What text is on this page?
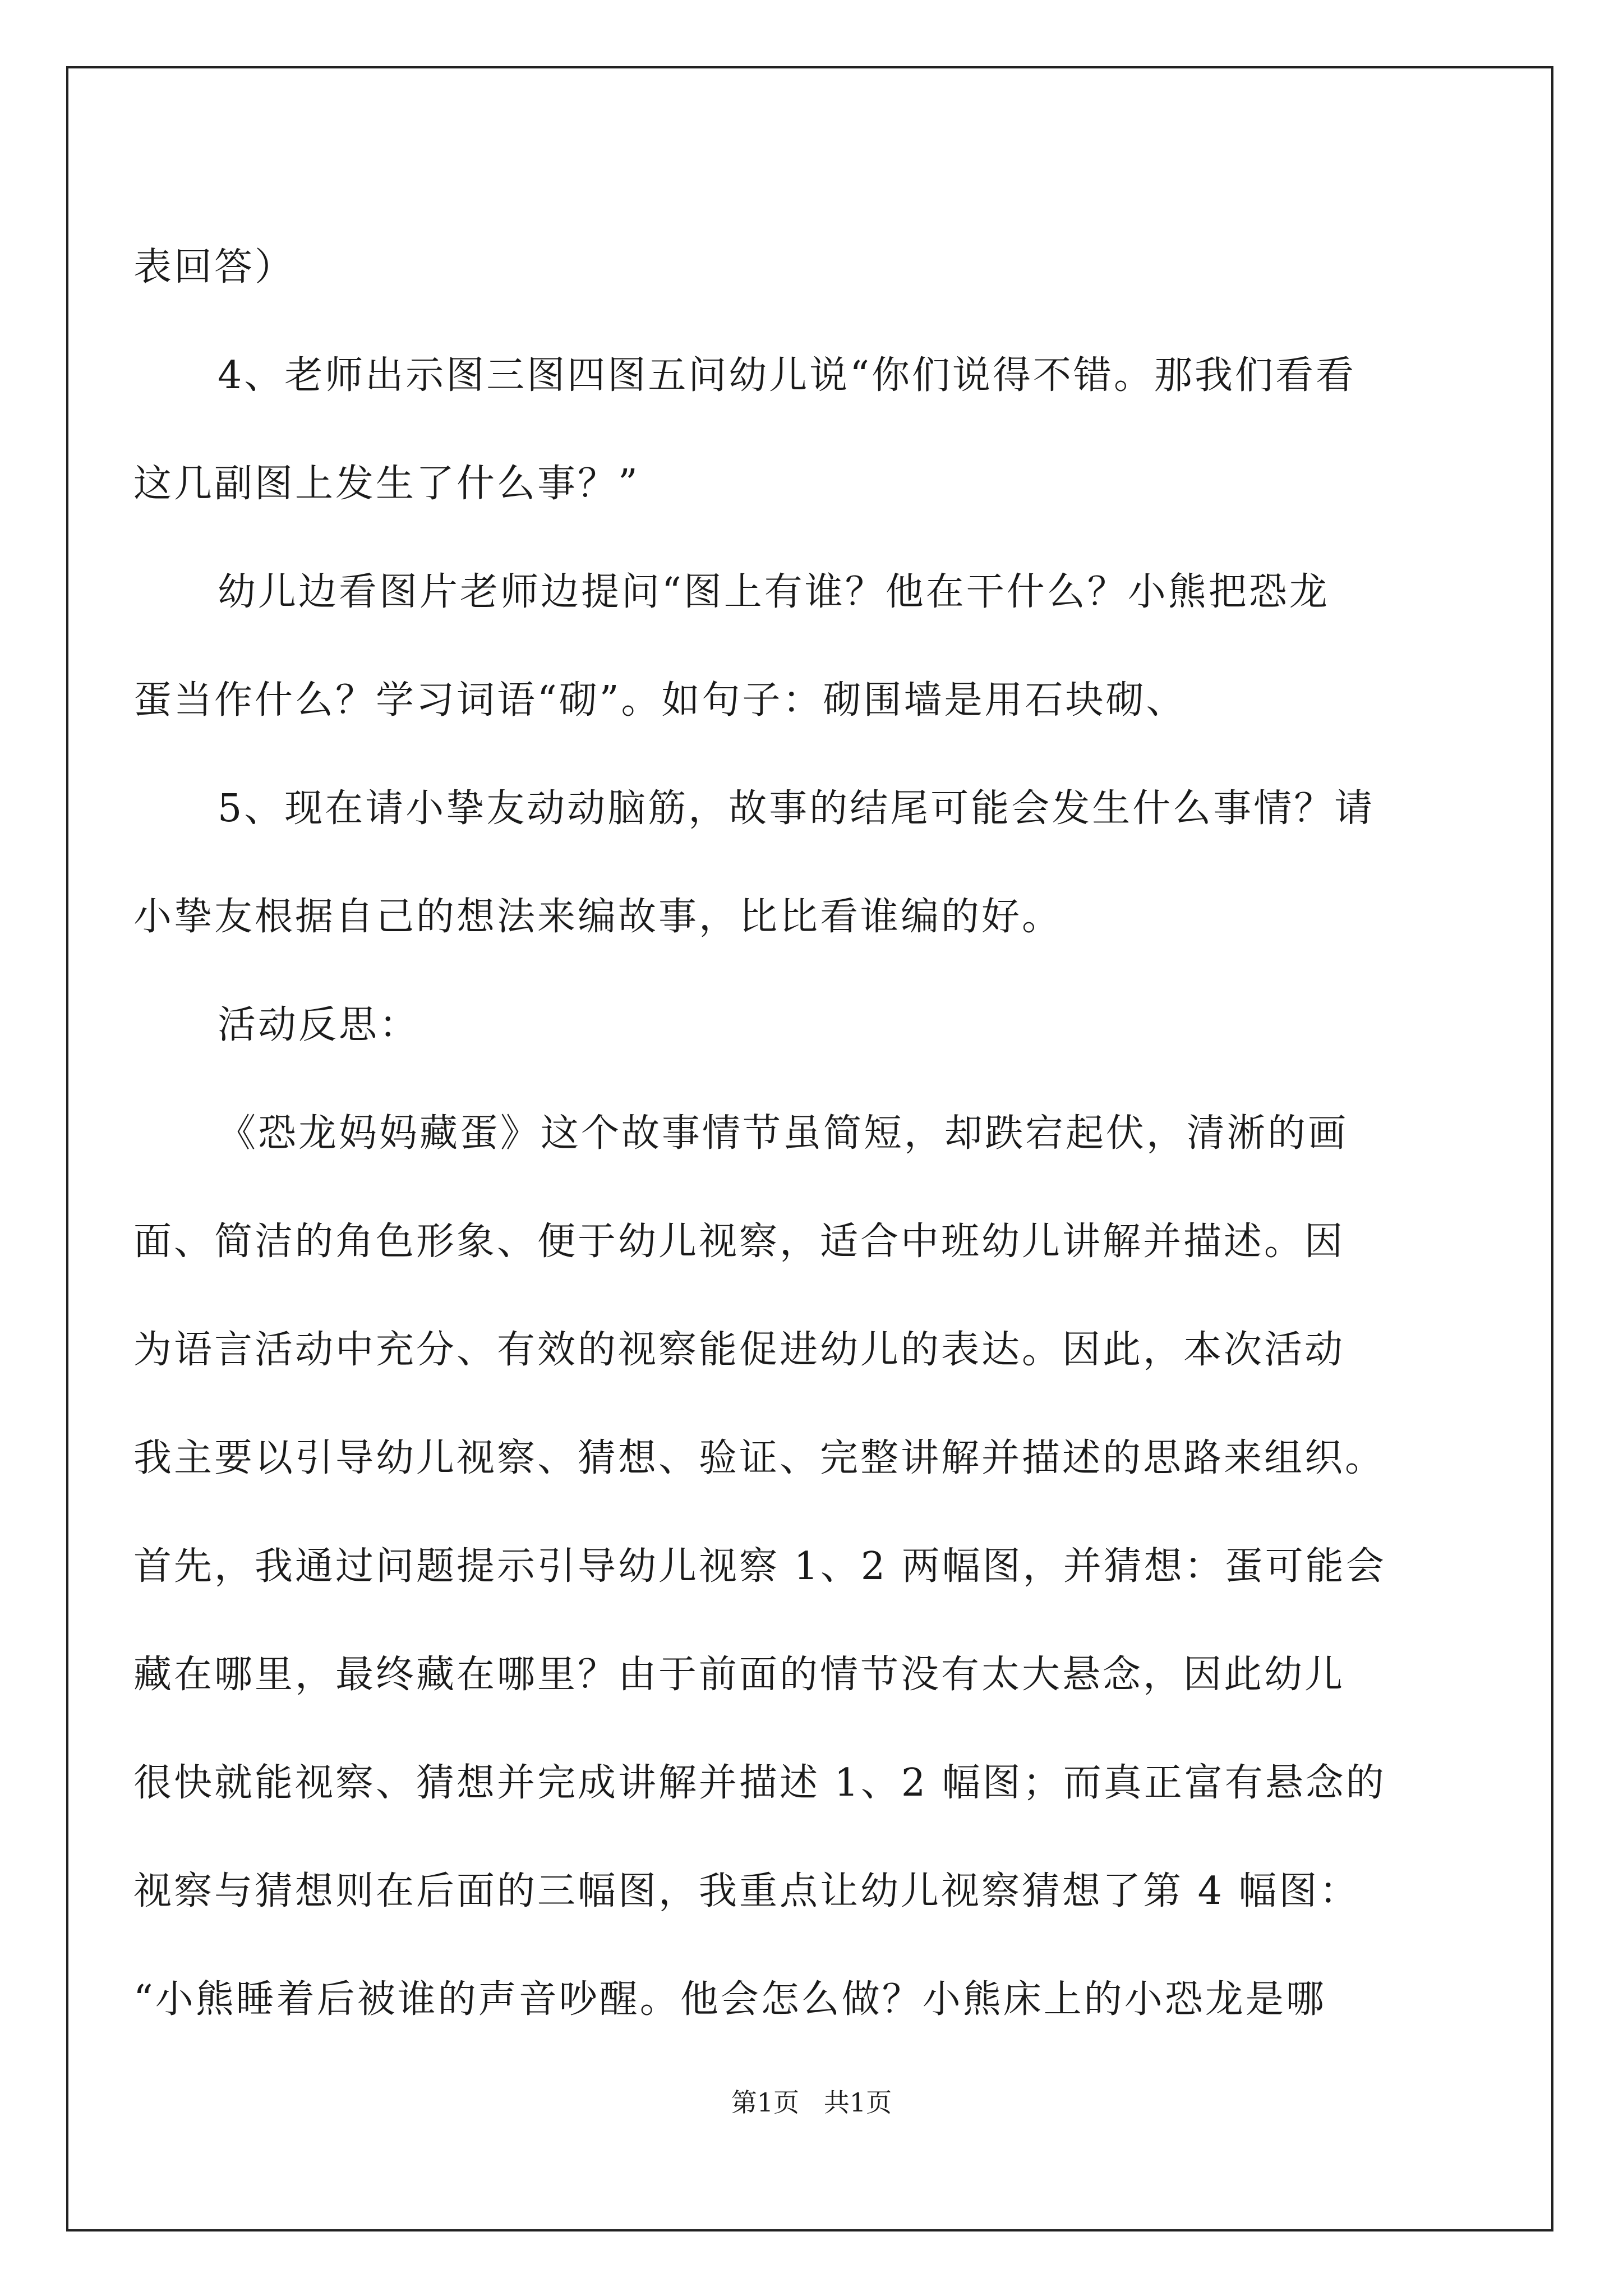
表回答）
4、老师出示图三图四图五问幼儿说“你们说得不错。那我们看看
这几副图上发生了什么事？”
幼儿边看图片老师边提问“图上有谁？他在干什么？小熊把恐龙
蛋当作什么？学习词语“砌”。如句子：砌围墙是用石块砌、
5、现在请小挚友动动脑筋，故事的结尾可能会发生什么事情？请
小挚友根据自己的想法来编故事，比比看谁编的好。
活动反思：
《恐龙妈妈藏蛋》这个故事情节虽简短，却跌宕起伏，清淅的画
面、简洁的角色形象、便于幼儿视察，适合中班幼儿讲解并描述。因
为语言活动中充分、有效的视察能促进幼儿的表达。因此，本次活动
我主要以引导幼儿视察、猜想、验证、完整讲解并描述的思路来组织。
首先，我通过问题提示引导幼儿视察 1、2 两幅图，并猜想：蛋可能会
藏在哪里，最终藏在哪里？由于前面的情节没有太大悬念，因此幼儿
很快就能视察、猜想并完成讲解并描述 1、2 幅图；而真正富有悬念的
视察与猜想则在后面的三幅图，我重点让幼儿视察猜想了第 4 幅图：
“小熊睡着后被谁的声音吵醒。他会怎么做？小熊床上的小恐龙是哪
第1页   共1页
